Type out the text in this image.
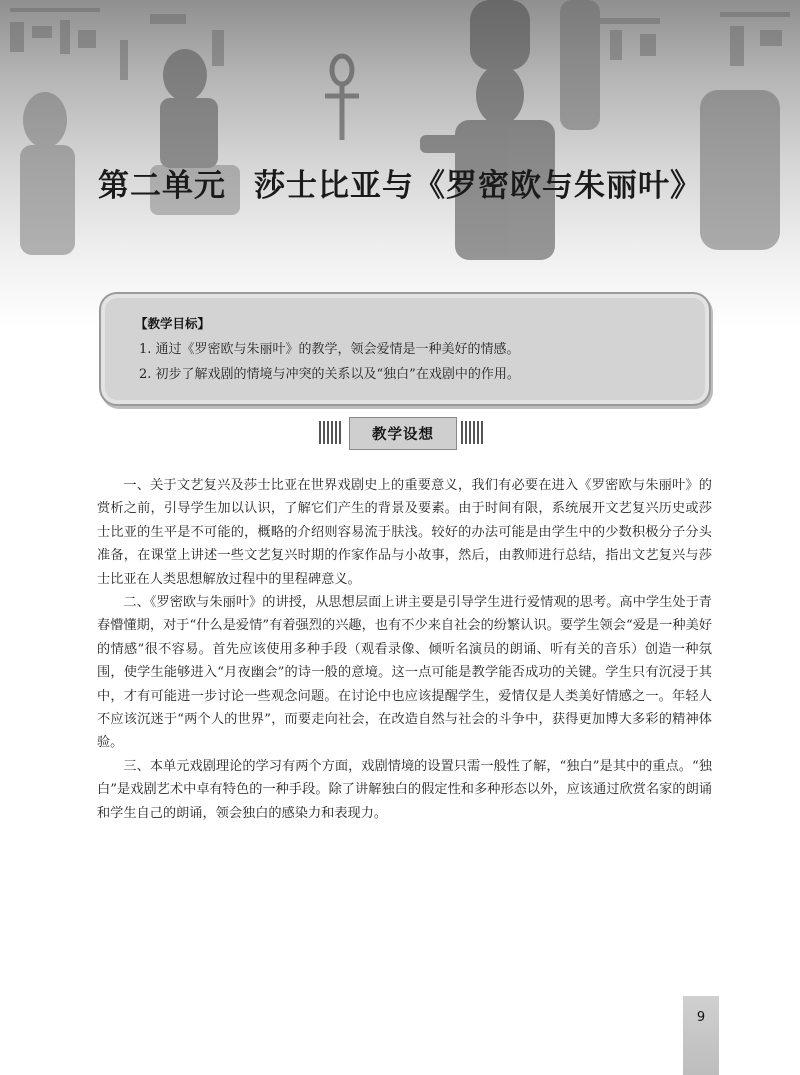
第二单元 莎士比亚与《罗密欧与朱丽叶》
【教学目标】
1. 通过《罗密欧与朱丽叶》的教学，领会爱情是一种美好的情感。
2. 初步了解戏剧的情境与冲突的关系以及“独白”在戏剧中的作用。
教学设想

一、关于文艺复兴及莎士比亚在世界戏剧史上的重要意义，我们有必要在进入《罗密欧与朱丽叶》的赏析之前，引导学生加以认识，了解它们产生的背景及要素。由于时间有限，系统展开文艺复兴历史或莎士比亚的生平是不可能的，概略的介绍则容易流于肤浅。较好的办法可能是由学生中的少数积极分子分头准备，在课堂上讲述一些文艺复兴时期的作家作品与小故事，然后，由教师进行总结，指出文艺复兴与莎士比亚在人类思想解放过程中的里程碑意义。

二、《罗密欧与朱丽叶》的讲授，从思想层面上讲主要是引导学生进行爱情观的思考。高中学生处于青春懵懂期，对于“什么是爱情”有着强烈的兴趣，也有不少来自社会的纷繁认识。要学生领会“爱是一种美好的情感”很不容易。首先应该使用多种手段（观看录像、倾听名演员的朗诵、听有关的音乐）创造一种氛围，使学生能够进入“月夜幽会”的诗一般的意境。这一点可能是教学能否成功的关键。学生只有沉浸于其中，才有可能进一步讨论一些观念问题。在讨论中也应该提醒学生，爱情仅是人类美好情感之一。年轻人不应该沉迷于“两个人的世界”，而要走向社会，在改造自然与社会的斗争中，获得更加博大多彩的精神体验。

三、本单元戏剧理论的学习有两个方面，戏剧情境的设置只需一般性了解，“独白”是其中的重点。“独白”是戏剧艺术中卓有特色的一种手段。除了讲解独白的假定性和多种形态以外，应该通过欣赏名家的朗诵和学生自己的朗诵，领会独白的感染力和表现力。

9
